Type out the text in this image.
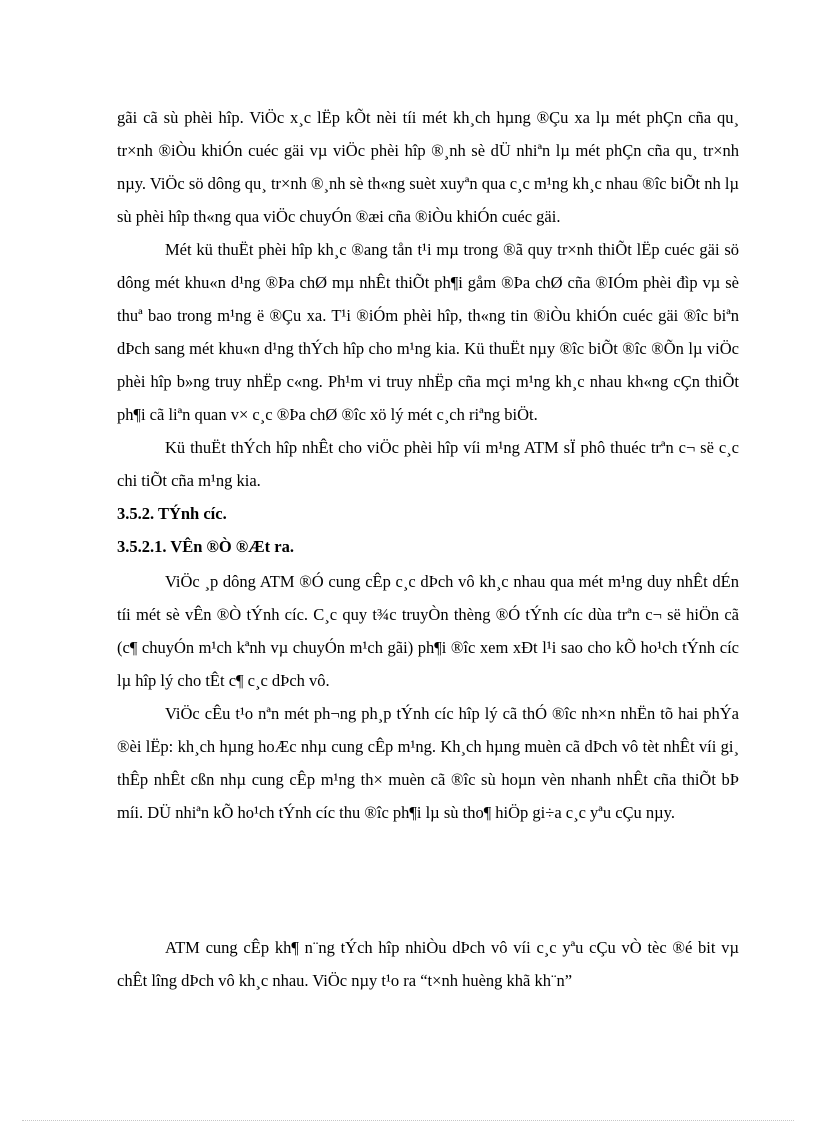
gãi cã sù phèi hîp. ViÖc x¸c lËp kÕt nèi tíi mét kh¸ch hµng ®Çu xa lµ mét phÇn cña qu¸ tr×nh ®iÒu khiÓn cuéc gäi vµ viÖc phèi hîp ®¸nh sè dÜ nhiªn lµ mét phÇn cña qu¸ tr×nh nµy. ViÖc sö dông qu¸ tr×nh ®¸nh sè th«ng suèt xuyªn qua c¸c m¹ng kh¸c nhau ®îc biÕt nh lµ sù phèi hîp th«ng qua viÖc chuyÓn ®æi cña ®iÒu khiÓn cuéc gäi.

Mét kü thuËt phèi hîp kh¸c ®ang tån t¹i mµ trong ®ã quy tr×nh thiÕt lËp cuéc gäi sö dông mét khu«n d¹ng ®Þa chØ mµ nhÊt thiÕt ph¶i gåm ®Þa chØ cña ®IÓm phèi đìp vµ sè thuª bao trong m¹ng ë ®Çu xa. T¹i ®iÓm phèi hîp, th«ng tin ®iÒu khiÓn cuéc gäi ®îc biªn dÞch sang mét khu«n d¹ng thÝch hîp cho m¹ng kia. Kü thuËt nµy ®îc biÕt ®îc ®Õn lµ viÖc phèi hîp b»ng truy nhËp c«ng. Ph¹m vi truy nhËp cña mçi m¹ng kh¸c nhau kh«ng cÇn thiÕt ph¶i cã liªn quan v× c¸c ®Þa chØ ®îc xö lý mét c¸ch riªng biÖt.

Kü thuËt thÝch hîp nhÊt cho viÖc phèi hîp víi m¹ng ATM sÏ phô thuéc trªn c¬ së c¸c chi tiÕt cña m¹ng kia.

3.5.2. TÝnh cíc.

3.5.2.1. VÊn ®Ò ®Æt ra.

ViÖc ¸p dông ATM ®Ó cung cÊp c¸c dÞch vô kh¸c nhau qua mét m¹ng duy nhÊt dÉn tíi mét sè vÊn ®Ò tÝnh cíc. C¸c quy t¾c truyÒn thèng ®Ó tÝnh cíc dùa trªn c¬ së hiÖn cã (c¶ chuyÓn m¹ch kªnh vµ chuyÓn m¹ch gãi) ph¶i ®îc xem xÐt l¹i sao cho kÕ ho¹ch tÝnh cíc lµ hîp lý cho tÊt c¶ c¸c dÞch vô.

ViÖc cÊu t¹o nªn mét ph¬ng ph¸p tÝnh cíc hîp lý cã thÓ ®îc nh×n nhËn tõ hai phÝa ®èi lËp: kh¸ch hµng hoÆc nhµ cung cÊp m¹ng. Kh¸ch hµng muèn cã dÞch vô tèt nhÊt víi gi¸ thÊp nhÊt cßn nhµ cung cÊp m¹ng th× muèn cã ®îc sù hoµn vèn nhanh nhÊt cña thiÕt bÞ míi. DÜ nhiªn kÕ ho¹ch tÝnh cíc thu ®îc ph¶i lµ sù tho¶ hiÖp gi÷a c¸c yªu cÇu nµy.

ATM cung cÊp kh¶ n¨ng tÝch hîp nhiÒu dÞch vô víi c¸c yªu cÇu vÒ tèc ®é bit vµ chÊt lîng dÞch vô kh¸c nhau. ViÖc nµy t¹o ra “t×nh huèng khã kh¨n”
